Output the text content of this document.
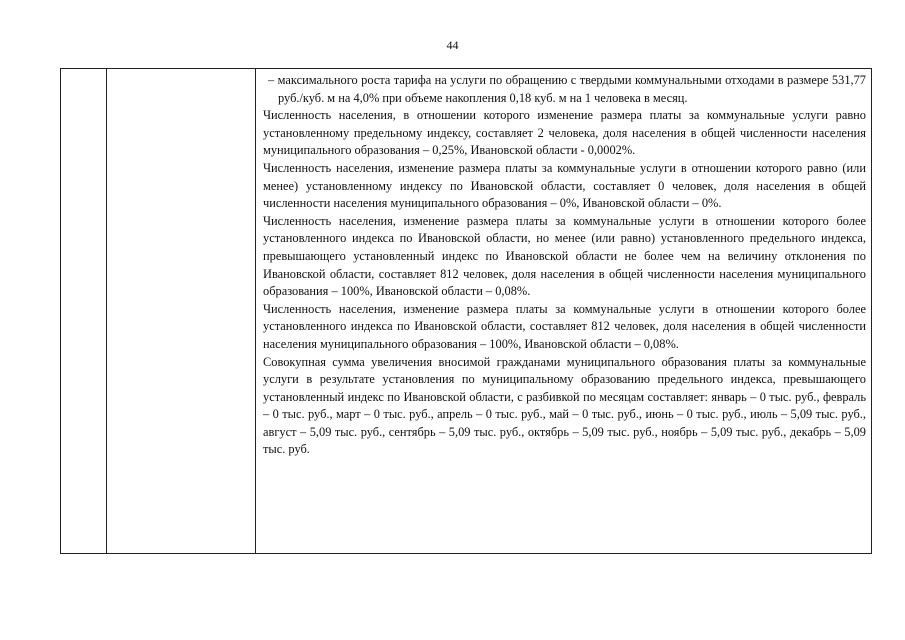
44

– максимального роста тарифа на услуги по обращению с твердыми коммунальными отходами в размере 531,77 руб./куб. м на 4,0% при объеме накопления 0,18 куб. м на 1 человека в месяц.

Численность населения, в отношении которого изменение размера платы за коммунальные услуги равно установленному предельному индексу, составляет 2 человека, доля населения в общей численности населения муниципального образования – 0,25%, Ивановской области - 0,0002%.

Численность населения, изменение размера платы за коммунальные услуги в отношении которого равно (или менее) установленному индексу по Ивановской области, составляет 0 человек, доля населения в общей численности населения муниципального образования – 0%, Ивановской области – 0%.

Численность населения, изменение размера платы за коммунальные услуги в отношении которого более установленного индекса по Ивановской области, но менее (или равно) установленного предельного индекса, превышающего установленный индекс по Ивановской области не более чем на величину отклонения по Ивановской области, составляет 812 человек, доля населения в общей численности населения муниципального образования – 100%, Ивановской области – 0,08%.

Численность населения, изменение размера платы за коммунальные услуги в отношении которого более установленного индекса по Ивановской области, составляет 812 человек, доля населения в общей численности населения муниципального образования – 100%, Ивановской области – 0,08%.

Совокупная сумма увеличения вносимой гражданами муниципального образования платы за коммунальные услуги в результате установления по муниципальному образованию предельного индекса, превышающего установленный индекс по Ивановской области, с разбивкой по месяцам составляет: январь – 0 тыс. руб., февраль – 0 тыс. руб., март – 0 тыс. руб., апрель – 0 тыс. руб., май – 0 тыс. руб., июнь – 0 тыс. руб., июль – 5,09 тыс. руб., август – 5,09 тыс. руб., сентябрь – 5,09 тыс. руб., октябрь – 5,09 тыс. руб., ноябрь – 5,09 тыс. руб., декабрь – 5,09 тыс. руб.
